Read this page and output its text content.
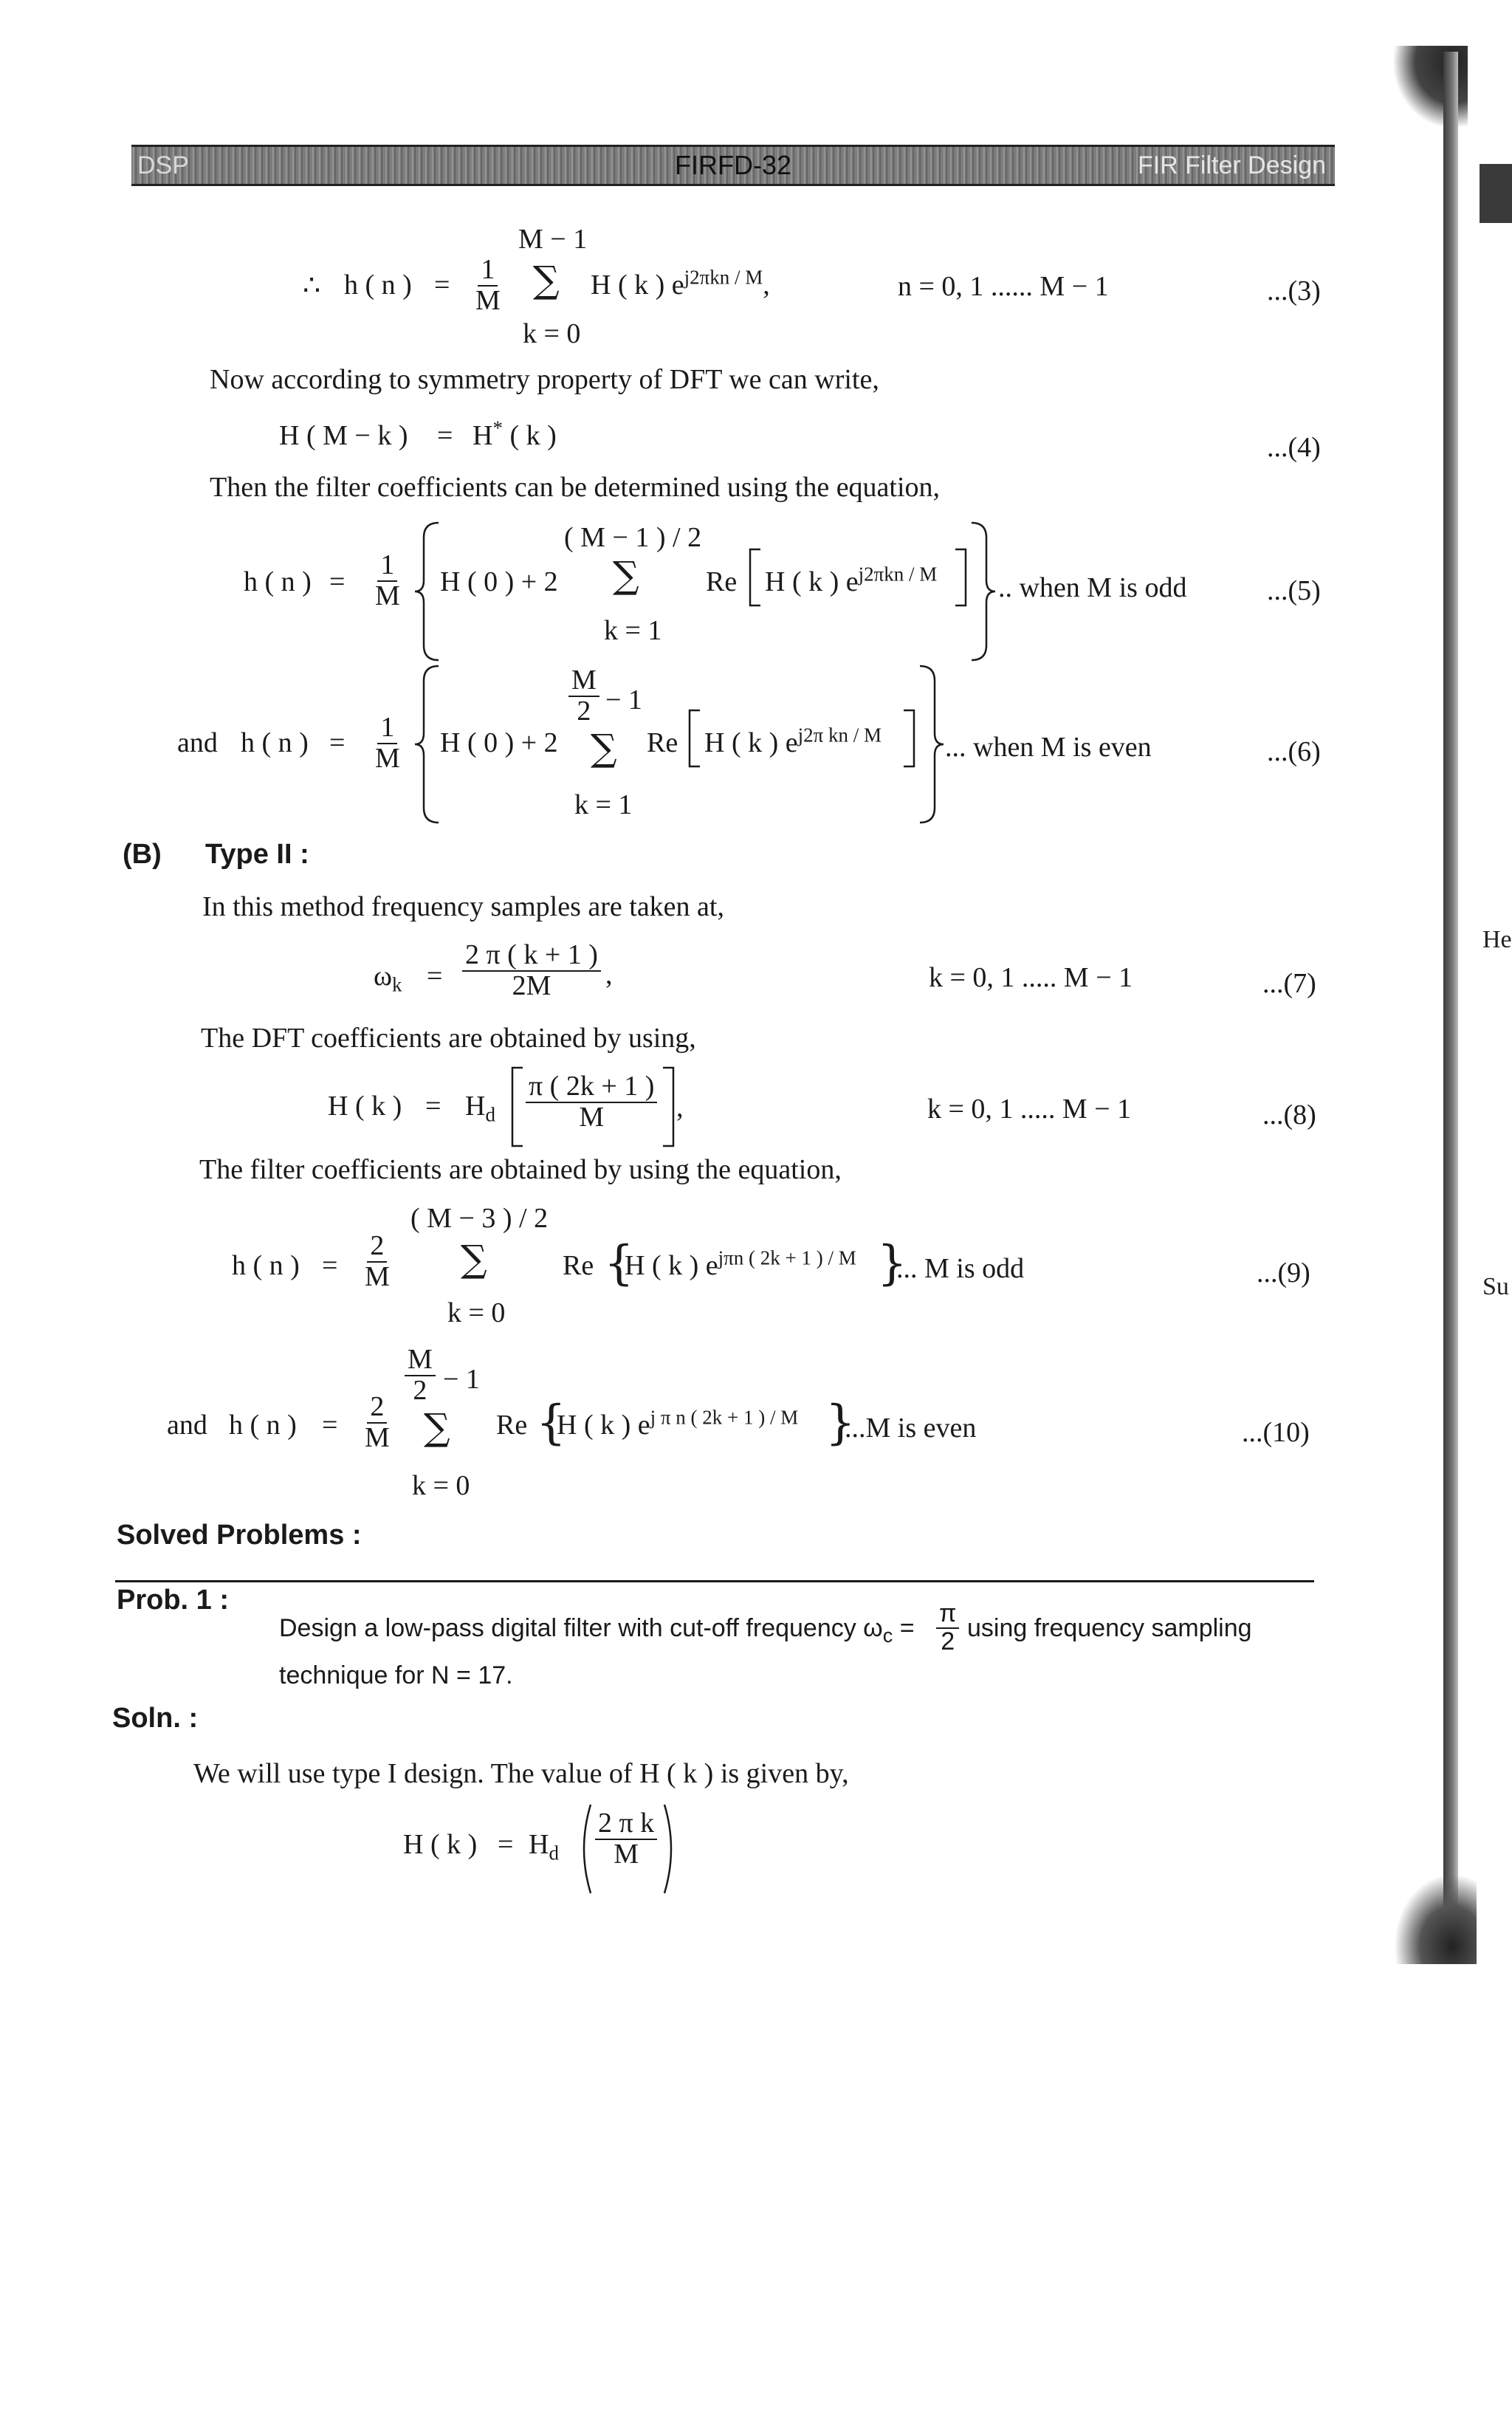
DSP	FIRFD-32	FIR Filter Design
He
Su
M − 1
∴ h ( n ) = $\frac{1}{M}$ ∑ H ( k ) $e^{j2\pi kn / M}$,
k = 0
n = 0, 1 ...... M − 1	...(3)

Now according to symmetry property of DFT we can write,

H ( M − k ) = H* ( k )	...(4)

Then the filter coefficients can be determined using the equation,

( M − 1 ) / 2
h ( n ) = $\frac{1}{M}$ H ( 0 ) + 2 ∑
k = 1
Re H ( k ) $e^{j2\pi kn / M}$ .. when M is odd	...(5)
$\frac{M}{2} - 1$
and h ( n ) = $\frac{1}{M}$ H ( 0 ) + 2 ∑
k = 1
Re H ( k ) $e^{j2\pi kn / M}$ ... when M is even	...(6)
(B) Type II :

In this method frequency samples are taken at,

$\omega_k = \frac{2 \pi ( k + 1 )}{2M}$ ,	k = 0, 1 ..... M − 1	...(7)

The DFT coefficients are obtained by using,

H ( k ) = $H_d \frac{\pi ( 2k + 1 )}{M}$ ,	k = 0, 1 ..... M − 1	...(8)

The filter coefficients are obtained by using the equation,

( M − 3 ) / 2
h ( n ) = $\frac{2}{M}$ ∑
k = 0
Re {
H ( k ) $e^{j\pi n ( 2k + 1 ) / M}$ }
... M is odd	...(9)
$\frac{M}{2} - 1$
and h ( n ) = $\frac{2}{M}$ ∑
k = 0
Re {
H ( k ) $e^{j \pi n ( 2k + 1 ) / M}$ }
...M is even	...(10)
Solved Problems :
Prob. 1 :
Design a low-pass digital filter with cut-off frequency $\omega_c = \frac{\pi}{2}$ using frequency sampling
technique for N = 17.
Soln. :

We will use type I design. The value of H ( k ) is given by,

H ( k ) = $H_d \frac{\text{2 π k}}{M}$
